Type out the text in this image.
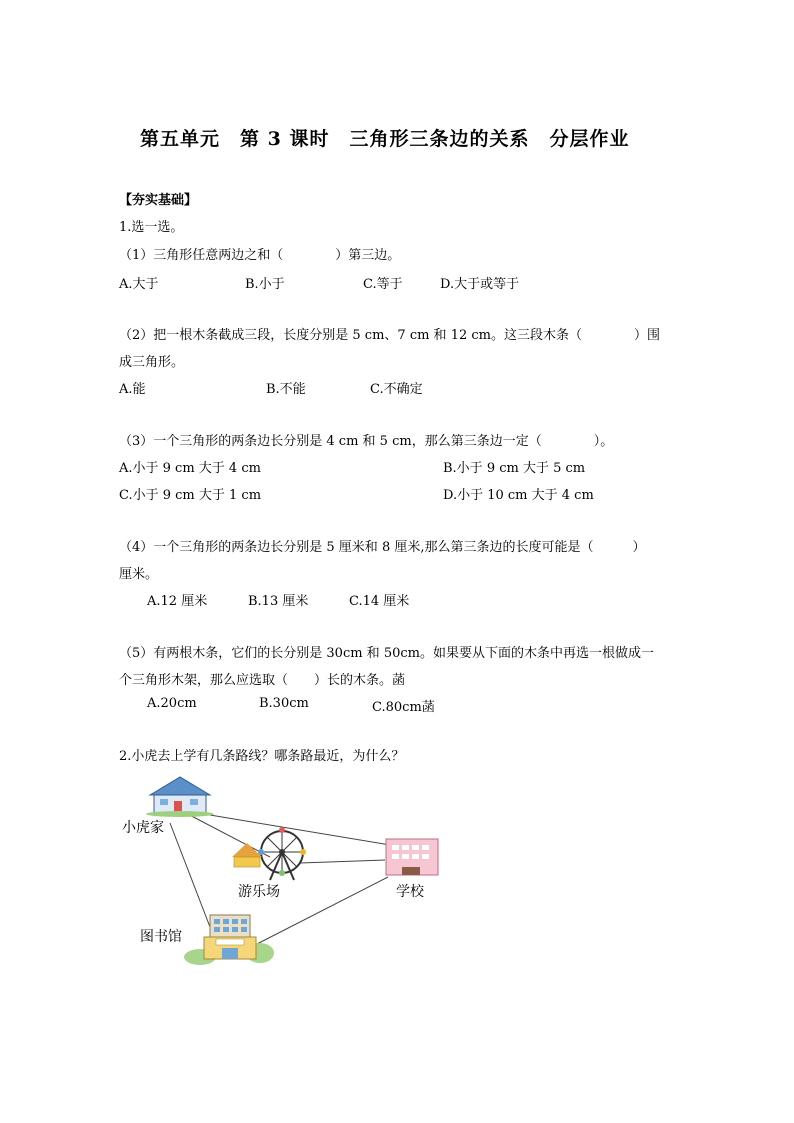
第五单元　第 3 课时　三角形三条边的关系　分层作业
【夯实基础】
1.选一选。
（1）三角形任意两边之和（　　　　）第三边。
A.大于	B.小于	C.等于	D.大于或等于
（2）把一根木条截成三段，长度分别是 5 cm、7 cm 和 12 cm。这三段木条（　　　　）围
成三角形。
A.能	B.不能	C.不确定
（3）一个三角形的两条边长分别是 4 cm 和 5 cm，那么第三条边一定（　　　　）。
A.小于 9 cm 大于 4 cm	B.小于 9 cm 大于 5 cm
C.小于 9 cm 大于 1 cm	D.小于 10 cm 大于 4 cm
（4）一个三角形的两条边长分别是 5 厘米和 8 厘米,那么第三条边的长度可能是（　　　）
厘米。
A.12 厘米	B.13 厘米	C.14 厘米
（5）有两根木条，它们的长分别是 30cm 和 50cm。如果要从下面的木条中再选一根做成一
个三角形木架，那么应选取（　　）长的木条。菡
A.20cm	B.30cm	C.80cm菡
2.小虎去上学有几条路线？哪条路最近，为什么？
小虎家
游乐场	学校
图书馆
